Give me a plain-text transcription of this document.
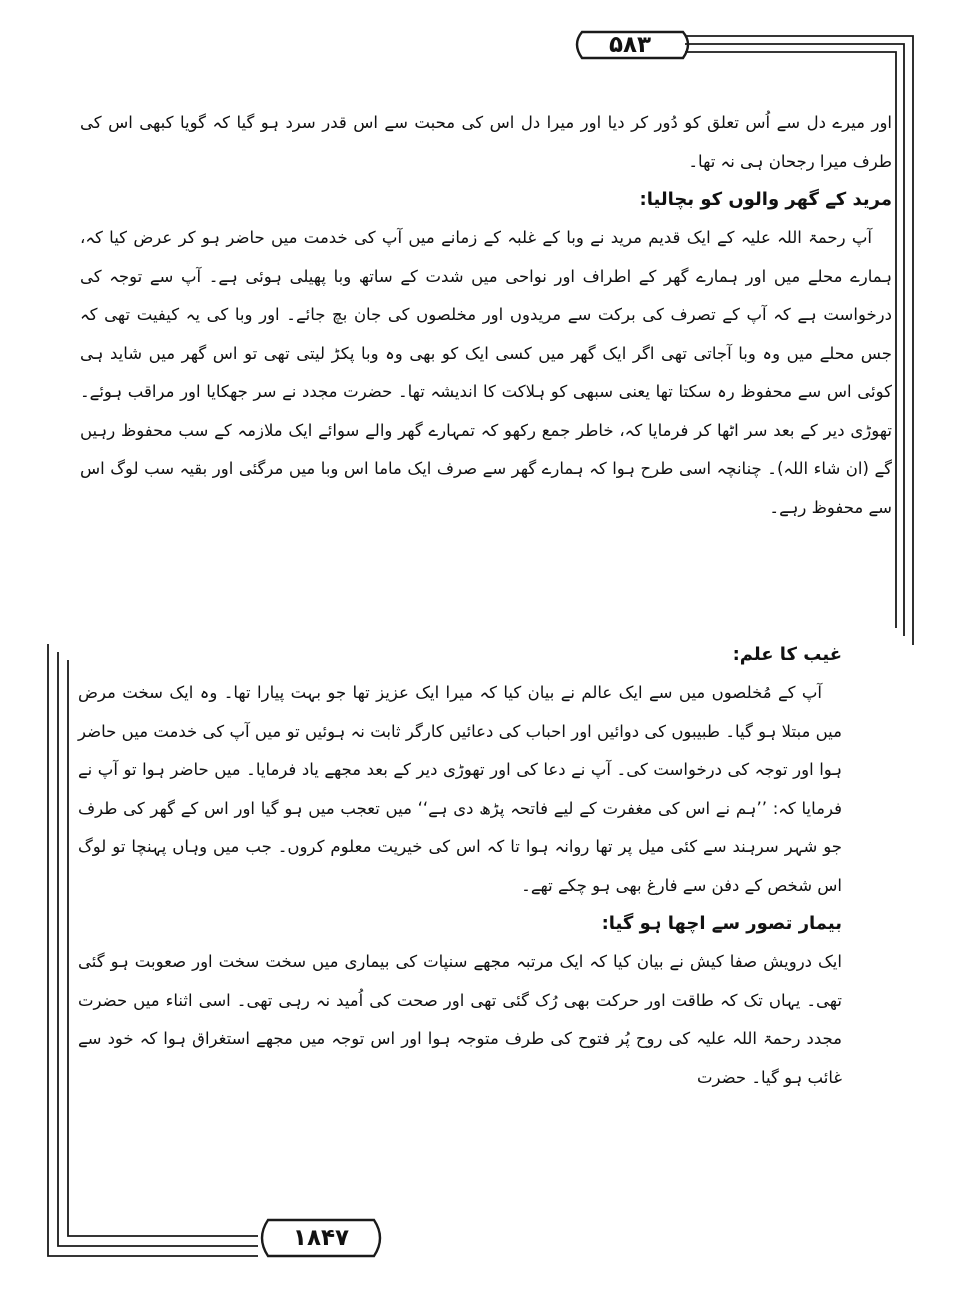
۵۸۳

اور میرے دل سے اُس تعلق کو دُور کر دیا اور میرا دل اس کی محبت سے اس قدر سرد ہو گیا کہ گویا کبھی اس کی طرف میرا رجحان ہی نہ تھا۔

مرید کے گھر والوں کو بچالیا:

آپ رحمۃ اللہ علیہ کے ایک قدیم مرید نے وبا کے غلبہ کے زمانے میں آپ کی خدمت میں حاضر ہو کر عرض کیا کہ، ہمارے محلے میں اور ہمارے گھر کے اطراف اور نواحی میں شدت کے ساتھ وبا پھیلی ہوئی ہے۔ آپ سے توجہ کی درخواست ہے کہ آپ کے تصرف کی برکت سے مریدوں اور مخلصوں کی جان بچ جائے۔ اور وبا کی یہ کیفیت تھی کہ جس محلے میں وہ وبا آجاتی تھی اگر ایک گھر میں کسی ایک کو بھی وہ وبا پکڑ لیتی تھی تو اس گھر میں شاید ہی کوئی اس سے محفوظ رہ سکتا تھا یعنی سبھی کو ہلاکت کا اندیشہ تھا۔ حضرت مجدد نے سر جھکایا اور مراقب ہوئے۔ تھوڑی دیر کے بعد سر اٹھا کر فرمایا کہ، خاطر جمع رکھو کہ تمہارے گھر والے سوائے ایک ملازمہ کے سب محفوظ رہیں گے (ان شاء اللہ)۔ چنانچہ اسی طرح ہوا کہ ہمارے گھر سے صرف ایک ماما اس وبا میں مرگئی اور بقیہ سب لوگ اس سے محفوظ رہے۔

غیب کا علم:

آپ کے مُخلصوں میں سے ایک عالم نے بیان کیا کہ میرا ایک عزیز تھا جو بہت پیارا تھا۔ وہ ایک سخت مرض میں مبتلا ہو گیا۔ طبیبوں کی دوائیں اور احباب کی دعائیں کارگر ثابت نہ ہوئیں تو میں آپ کی خدمت میں حاضر ہوا اور توجہ کی درخواست کی۔ آپ نے دعا کی اور تھوڑی دیر کے بعد مجھے یاد فرمایا۔ میں حاضر ہوا تو آپ نے فرمایا کہ: ’’ہم نے اس کی مغفرت کے لیے فاتحہ پڑھ دی ہے‘‘ میں تعجب میں ہو گیا اور اس کے گھر کی طرف جو شہر سرہند سے کئی میل پر تھا روانہ ہوا تا کہ اس کی خیریت معلوم کروں۔ جب میں وہاں پہنچا تو لوگ اس شخص کے دفن سے فارغ بھی ہو چکے تھے۔

بیمار تصور سے اچھا ہو گیا:

ایک درویش صفا کیش نے بیان کیا کہ ایک مرتبہ مجھے سنپات کی بیماری میں سخت سخت اور صعوبت ہو گئی تھی۔ یہاں تک کہ طاقت اور حرکت بھی رُک گئی تھی اور صحت کی اُمید نہ رہی تھی۔ اسی اثناء میں حضرت مجدد رحمۃ اللہ علیہ کی روح پُر فتوح کی طرف متوجہ ہوا اور اس توجہ میں مجھے استغراق ہوا کہ خود سے غائب ہو گیا۔ حضرت

۱۸۴۷
